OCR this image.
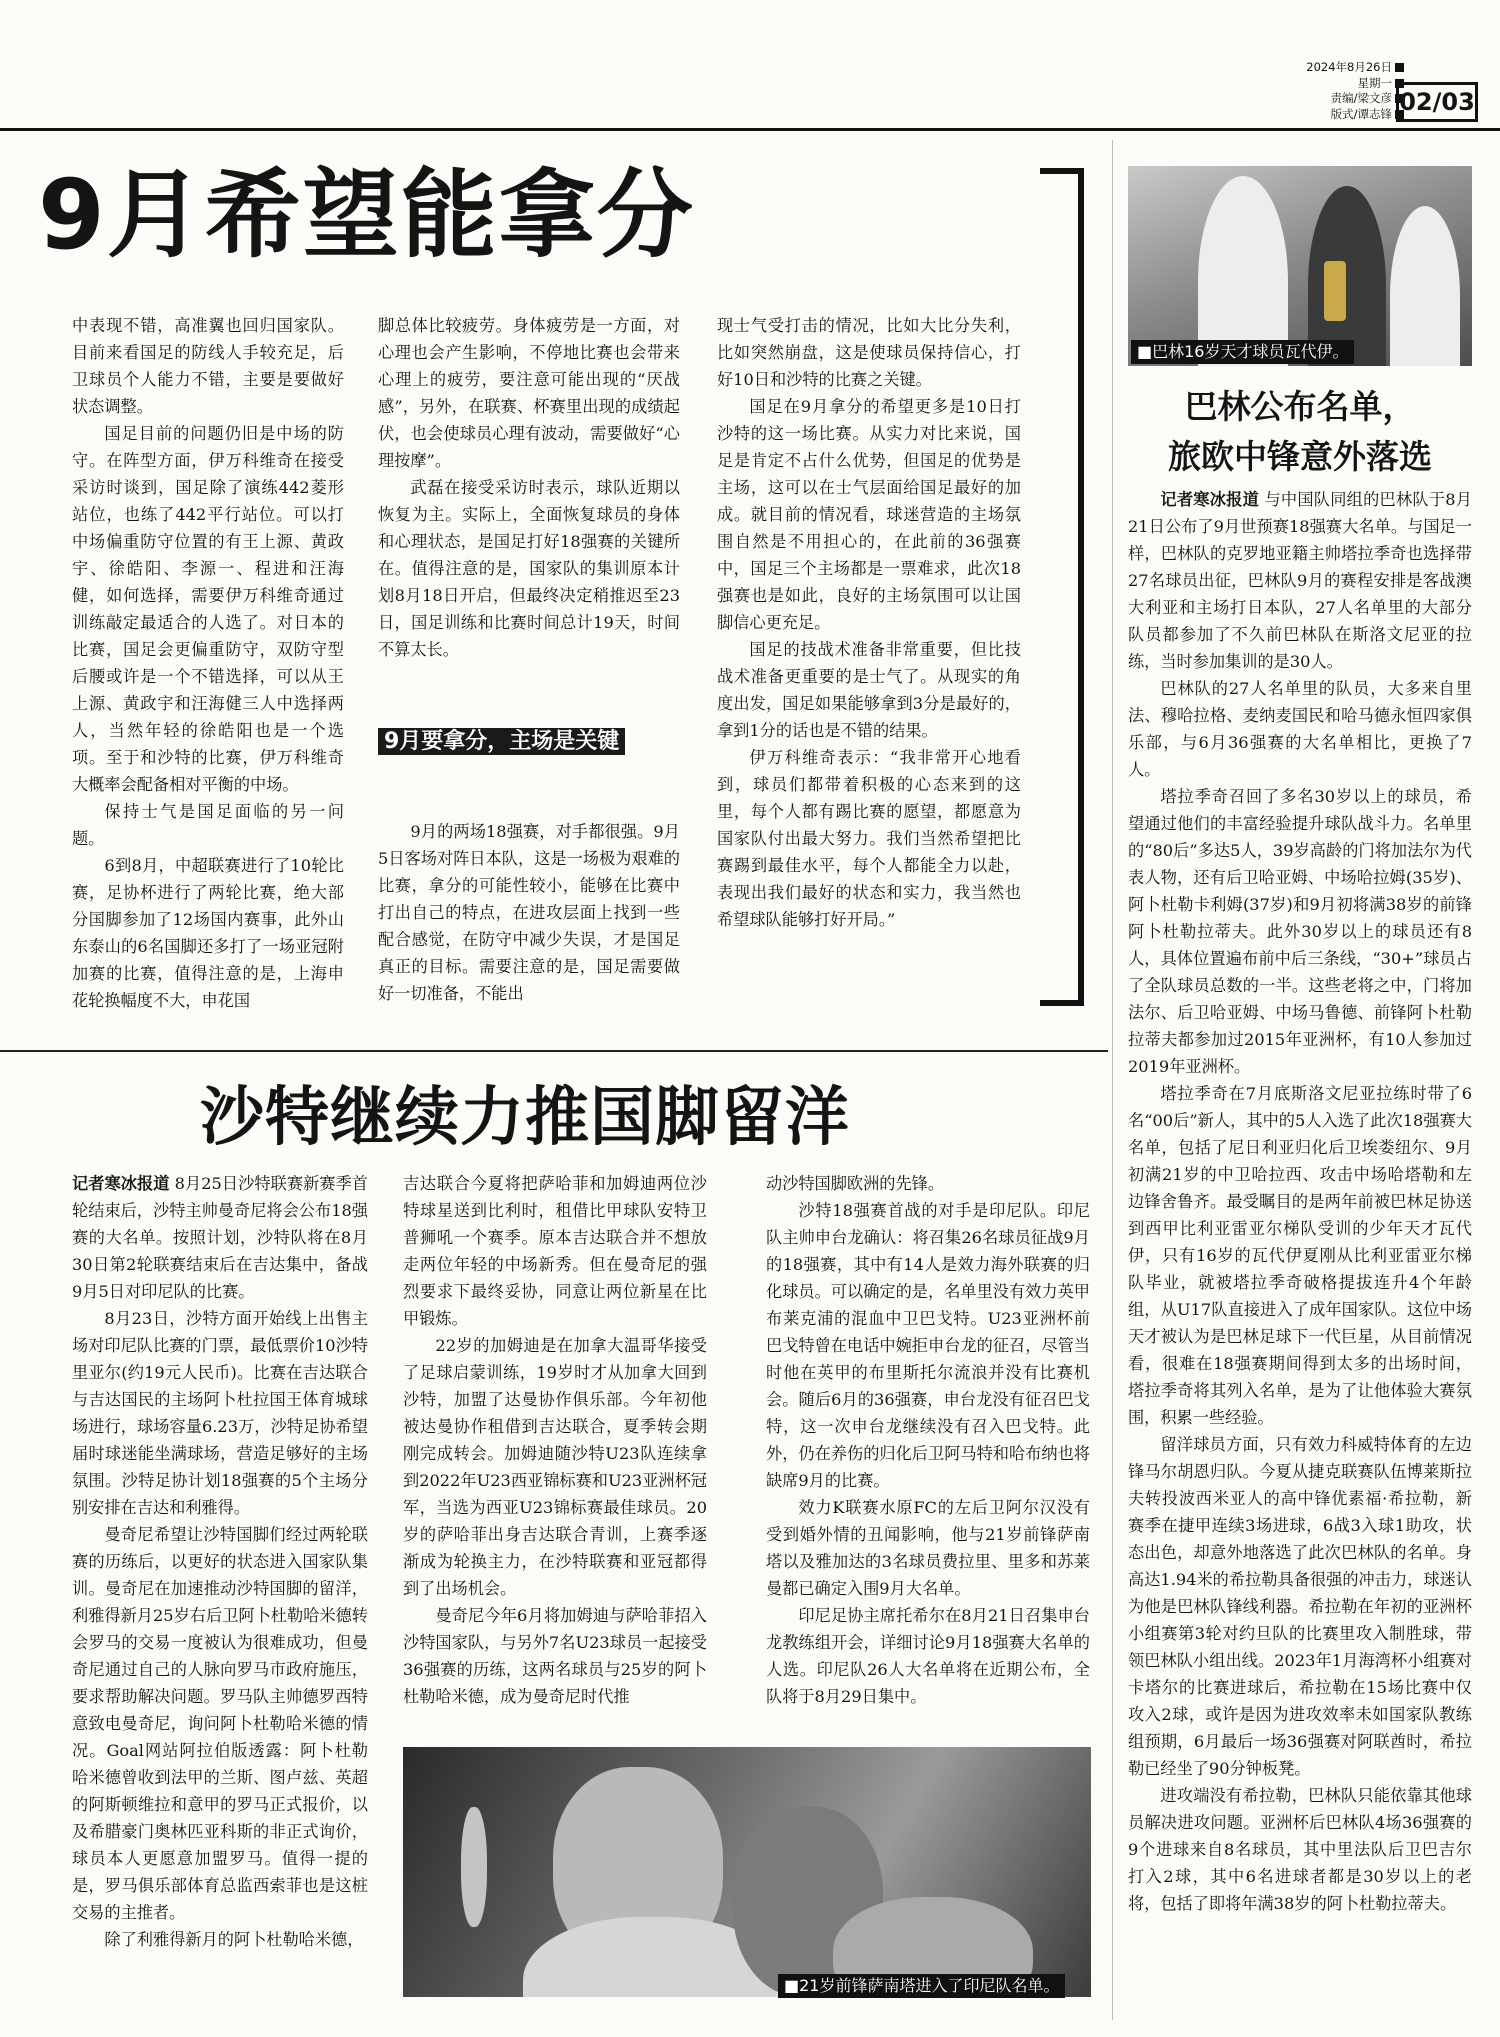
2024年8月26日
星期一
责编/梁文彦
版式/谭志锋 02/03
9月希望能拿分

中表现不错，高准翼也回归国家队。目前来看国足的防线人手较充足，后卫球员个人能力不错，主要是要做好状态调整。

国足目前的问题仍旧是中场的防守。在阵型方面，伊万科维奇在接受采访时谈到，国足除了演练442菱形站位，也练了442平行站位。可以打中场偏重防守位置的有王上源、黄政宇、徐皓阳、李源一、程进和汪海健，如何选择，需要伊万科维奇通过训练敲定最适合的人选了。对日本的比赛，国足会更偏重防守，双防守型后腰或许是一个不错选择，可以从王上源、黄政宇和汪海健三人中选择两人，当然年轻的徐皓阳也是一个选项。至于和沙特的比赛，伊万科维奇大概率会配备相对平衡的中场。

保持士气是国足面临的另一问题。

6到8月，中超联赛进行了10轮比赛，足协杯进行了两轮比赛，绝大部分国脚参加了12场国内赛事，此外山东泰山的6名国脚还多打了一场亚冠附加赛的比赛，值得注意的是，上海申花轮换幅度不大，申花国

脚总体比较疲劳。身体疲劳是一方面，对心理也会产生影响，不停地比赛也会带来心理上的疲劳，要注意可能出现的“厌战感”，另外，在联赛、杯赛里出现的成绩起伏，也会使球员心理有波动，需要做好“心理按摩”。

武磊在接受采访时表示，球队近期以恢复为主。实际上，全面恢复球员的身体和心理状态，是国足打好18强赛的关键所在。值得注意的是，国家队的集训原本计划8月18日开启，但最终决定稍推迟至23日，国足训练和比赛时间总计19天，时间不算太长。

9月要拿分，主场是关键

9月的两场18强赛，对手都很强。9月5日客场对阵日本队，这是一场极为艰难的比赛，拿分的可能性较小，能够在比赛中打出自己的特点，在进攻层面上找到一些配合感觉，在防守中减少失误，才是国足真正的目标。需要注意的是，国足需要做好一切准备，不能出

现士气受打击的情况，比如大比分失利，比如突然崩盘，这是使球员保持信心，打好10日和沙特的比赛之关键。

国足在9月拿分的希望更多是10日打沙特的这一场比赛。从实力对比来说，国足是肯定不占什么优势，但国足的优势是主场，这可以在士气层面给国足最好的加成。就目前的情况看，球迷营造的主场氛围自然是不用担心的，在此前的36强赛中，国足三个主场都是一票难求，此次18强赛也是如此，良好的主场氛围可以让国脚信心更充足。

国足的技战术准备非常重要，但比技战术准备更重要的是士气了。从现实的角度出发，国足如果能够拿到3分是最好的，拿到1分的话也是不错的结果。

伊万科维奇表示：“我非常开心地看到，球员们都带着积极的心态来到的这里，每个人都有踢比赛的愿望，都愿意为国家队付出最大努力。我们当然希望把比赛踢到最佳水平，每个人都能全力以赴，表现出我们最好的状态和实力，我当然也希望球队能够打好开局。”

沙特继续力推国脚留洋

记者寒冰报道 8月25日沙特联赛新赛季首轮结束后，沙特主帅曼奇尼将会公布18强赛的大名单。按照计划，沙特队将在8月30日第2轮联赛结束后在吉达集中，备战9月5日对印尼队的比赛。

8月23日，沙特方面开始线上出售主场对印尼队比赛的门票，最低票价10沙特里亚尔(约19元人民币)。比赛在吉达联合与吉达国民的主场阿卜杜拉国王体育城球场进行，球场容量6.23万，沙特足协希望届时球迷能坐满球场，营造足够好的主场氛围。沙特足协计划18强赛的5个主场分别安排在吉达和利雅得。

曼奇尼希望让沙特国脚们经过两轮联赛的历练后，以更好的状态进入国家队集训。曼奇尼在加速推动沙特国脚的留洋，利雅得新月25岁右后卫阿卜杜勒哈米德转会罗马的交易一度被认为很难成功，但曼奇尼通过自己的人脉向罗马市政府施压，要求帮助解决问题。罗马队主帅德罗西特意致电曼奇尼，询问阿卜杜勒哈米德的情况。Goal网站阿拉伯版透露：阿卜杜勒哈米德曾收到法甲的兰斯、图卢兹、英超的阿斯顿维拉和意甲的罗马正式报价，以及希腊豪门奥林匹亚科斯的非正式询价，球员本人更愿意加盟罗马。值得一提的是，罗马俱乐部体育总监西索菲也是这桩交易的主推者。

除了利雅得新月的阿卜杜勒哈米德，

吉达联合今夏将把萨哈菲和加姆迪两位沙特球星送到比利时，租借比甲球队安特卫普狮吼一个赛季。原本吉达联合并不想放走两位年轻的中场新秀。但在曼奇尼的强烈要求下最终妥协，同意让两位新星在比甲锻炼。

22岁的加姆迪是在加拿大温哥华接受了足球启蒙训练，19岁时才从加拿大回到沙特，加盟了达曼协作俱乐部。今年初他被达曼协作租借到吉达联合，夏季转会期刚完成转会。加姆迪随沙特U23队连续拿到2022年U23西亚锦标赛和U23亚洲杯冠军，当选为西亚U23锦标赛最佳球员。20岁的萨哈菲出身吉达联合青训，上赛季逐渐成为轮换主力，在沙特联赛和亚冠都得到了出场机会。

曼奇尼今年6月将加姆迪与萨哈菲招入沙特国家队，与另外7名U23球员一起接受36强赛的历练，这两名球员与25岁的阿卜杜勒哈米德，成为曼奇尼时代推

动沙特国脚欧洲的先锋。

沙特18强赛首战的对手是印尼队。印尼队主帅申台龙确认：将召集26名球员征战9月的18强赛，其中有14人是效力海外联赛的归化球员。可以确定的是，名单里没有效力英甲布莱克浦的混血中卫巴戈特。U23亚洲杯前巴戈特曾在电话中婉拒申台龙的征召，尽管当时他在英甲的布里斯托尔流浪并没有比赛机会。随后6月的36强赛，申台龙没有征召巴戈特，这一次申台龙继续没有召入巴戈特。此外，仍在养伤的归化后卫阿马特和哈布纳也将缺席9月的比赛。

效力K联赛水原FC的左后卫阿尔汉没有受到婚外情的丑闻影响，他与21岁前锋萨南塔以及雅加达的3名球员费拉里、里多和苏莱曼都已确定入围9月大名单。

印尼足协主席托希尔在8月21日召集申台龙教练组开会，详细讨论9月18强赛大名单的人选。印尼队26人大名单将在近期公布，全队将于8月29日集中。

■21岁前锋萨南塔进入了印尼队名单。
■巴林16岁天才球员瓦代伊。
巴林公布名单，
旅欧中锋意外落选

记者寒冰报道 与中国队同组的巴林队于8月21日公布了9月世预赛18强赛大名单。与国足一样，巴林队的克罗地亚籍主帅塔拉季奇也选择带27名球员出征，巴林队9月的赛程安排是客战澳大利亚和主场打日本队，27人名单里的大部分队员都参加了不久前巴林队在斯洛文尼亚的拉练，当时参加集训的是30人。

巴林队的27人名单里的队员，大多来自里法、穆哈拉格、麦纳麦国民和哈马德永恒四家俱乐部，与6月36强赛的大名单相比，更换了7人。

塔拉季奇召回了多名30岁以上的球员，希望通过他们的丰富经验提升球队战斗力。名单里的“80后”多达5人，39岁高龄的门将加法尔为代表人物，还有后卫哈亚姆、中场哈拉姆(35岁)、阿卜杜勒卡利姆(37岁)和9月初将满38岁的前锋阿卜杜勒拉蒂夫。此外30岁以上的球员还有8人，具体位置遍布前中后三条线，“30+”球员占了全队球员总数的一半。这些老将之中，门将加法尔、后卫哈亚姆、中场马鲁德、前锋阿卜杜勒拉蒂夫都参加过2015年亚洲杯，有10人参加过2019年亚洲杯。

塔拉季奇在7月底斯洛文尼亚拉练时带了6名“00后”新人，其中的5人入选了此次18强赛大名单，包括了尼日利亚归化后卫埃娄纽尔、9月初满21岁的中卫哈拉西、攻击中场哈塔勒和左边锋舍鲁齐。最受瞩目的是两年前被巴林足协送到西甲比利亚雷亚尔梯队受训的少年天才瓦代伊，只有16岁的瓦代伊夏刚从比利亚雷亚尔梯队毕业，就被塔拉季奇破格提拔连升4个年龄组，从U17队直接进入了成年国家队。这位中场天才被认为是巴林足球下一代巨星，从目前情况看，很难在18强赛期间得到太多的出场时间，塔拉季奇将其列入名单，是为了让他体验大赛氛围，积累一些经验。

留洋球员方面，只有效力科威特体育的左边锋马尔胡恩归队。今夏从捷克联赛队伍博莱斯拉夫转投波西米亚人的高中锋优素福·希拉勒，新赛季在捷甲连续3场进球，6战3入球1助攻，状态出色，却意外地落选了此次巴林队的名单。身高达1.94米的希拉勒具备很强的冲击力，球迷认为他是巴林队锋线利器。希拉勒在年初的亚洲杯小组赛第3轮对约旦队的比赛里攻入制胜球，带领巴林队小组出线。2023年1月海湾杯小组赛对卡塔尔的比赛进球后，希拉勒在15场比赛中仅攻入2球，或许是因为进攻效率未如国家队教练组预期，6月最后一场36强赛对阿联酋时，希拉勒已经坐了90分钟板凳。

进攻端没有希拉勒，巴林队只能依靠其他球员解决进攻问题。亚洲杯后巴林队4场36强赛的9个进球来自8名球员，其中里法队后卫巴吉尔打入2球，其中6名进球者都是30岁以上的老将，包括了即将年满38岁的阿卜杜勒拉蒂夫。
